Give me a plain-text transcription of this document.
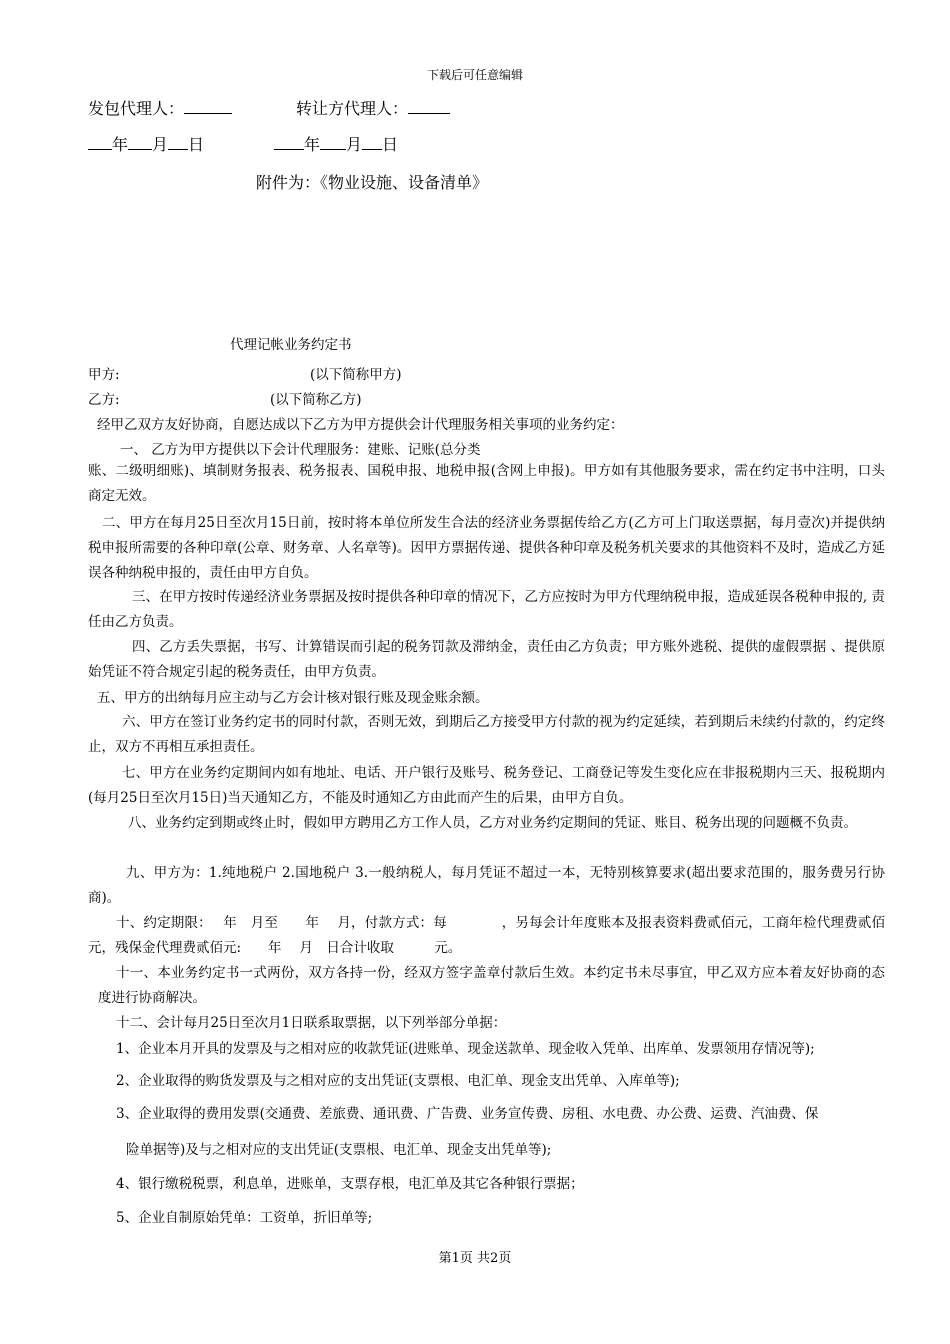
下载后可任意编辑
发包代理人：	转让方代理人：
年 月 日	年 月 日
附件为：《物业设施、设备清单》
代理记帐业务约定书
甲方:	(以下简称甲方)
乙方:	(以下简称乙方)
经甲乙双方友好协商，自愿达成以下乙方为甲方提供会计代理服务相关事项的业务约定：
一、 乙方为甲方提供以下会计代理服务：建账、记账(总分类
账、二级明细账)、填制财务报表、税务报表、国税申报、地税申报(含网上申报)。甲方如有其他服务要求，需在约定书中注明，口头商定无效。
二、甲方在每月25日至次月15日前，按时将本单位所发生合法的经济业务票据传给乙方(乙方可上门取送票据，每月壹次)并提供纳税申报所需要的各种印章(公章、财务章、人名章等)。因甲方票据传递、提供各种印章及税务机关要求的其他资料不及时，造成乙方延误各种纳税申报的，责任由甲方自负。
三、在甲方按时传递经济业务票据及按时提供各种印章的情况下，乙方应按时为甲方代理纳税申报，造成延误各税种申报的, 责任由乙方负责。
四、乙方丢失票据，书写、计算错误而引起的税务罚款及滞纳金，责任由乙方负责；甲方账外逃税、提供的虚假票据 、提供原始凭证不符合规定引起的税务责任，由甲方负责。
五、甲方的出纳每月应主动与乙方会计核对银行账及现金账余额。
六、甲方在签订业务约定书的同时付款，否则无效，到期后乙方接受甲方付款的视为约定延续，若到期后未续约付款的，约定终止，双方不再相互承担责任。
七、甲方在业务约定期间内如有地址、电话、开户银行及账号、税务登记、工商登记等发生变化应在非报税期内三天、报税期内(每月25日至次月15日)当天通知乙方，不能及时通知乙方由此而产生的后果，由甲方自负。
八、业务约定到期或终止时，假如甲方聘用乙方工作人员，乙方对业务约定期间的凭证、账目、税务出现的问题概不负责。
九、甲方为：1.纯地税户 2.国地税户 3.一般纳税人，每月凭证不超过一本，无特别核算要求(超出要求范围的，服务费另行协商)。
十、约定期限：　 年　月至　　年　 月，付款方式：每　　　　，另每会计年度账本及报表资料费贰佰元，工商年检代理费贰佰元，残保金代理费贰佰元:　　年　 月　日合计收取　　　元。
十一、本业务约定书一式两份，双方各持一份，经双方签字盖章付款后生效。本约定书未尽事宜，甲乙双方应本着友好协商的态度进行协商解决。
十二、会计每月25日至次月1日联系取票据，以下列举部分单据：
1、企业本月开具的发票及与之相对应的收款凭证(进账单、现金送款单、现金收入凭单、出库单、发票领用存情况等);
2、企业取得的购货发票及与之相对应的支出凭证(支票根、电汇单、现金支出凭单、入库单等);
3、企业取得的费用发票(交通费、差旅费、通讯费、广告费、业务宣传费、房租、水电费、办公费、运费、汽油费、保
险单据等)及与之相对应的支出凭证(支票根、电汇单、现金支出凭单等);
4、银行缴税税票，利息单，进账单，支票存根，电汇单及其它各种银行票据；
5、企业自制原始凭单：工资单，折旧单等;
第1页 共2页
